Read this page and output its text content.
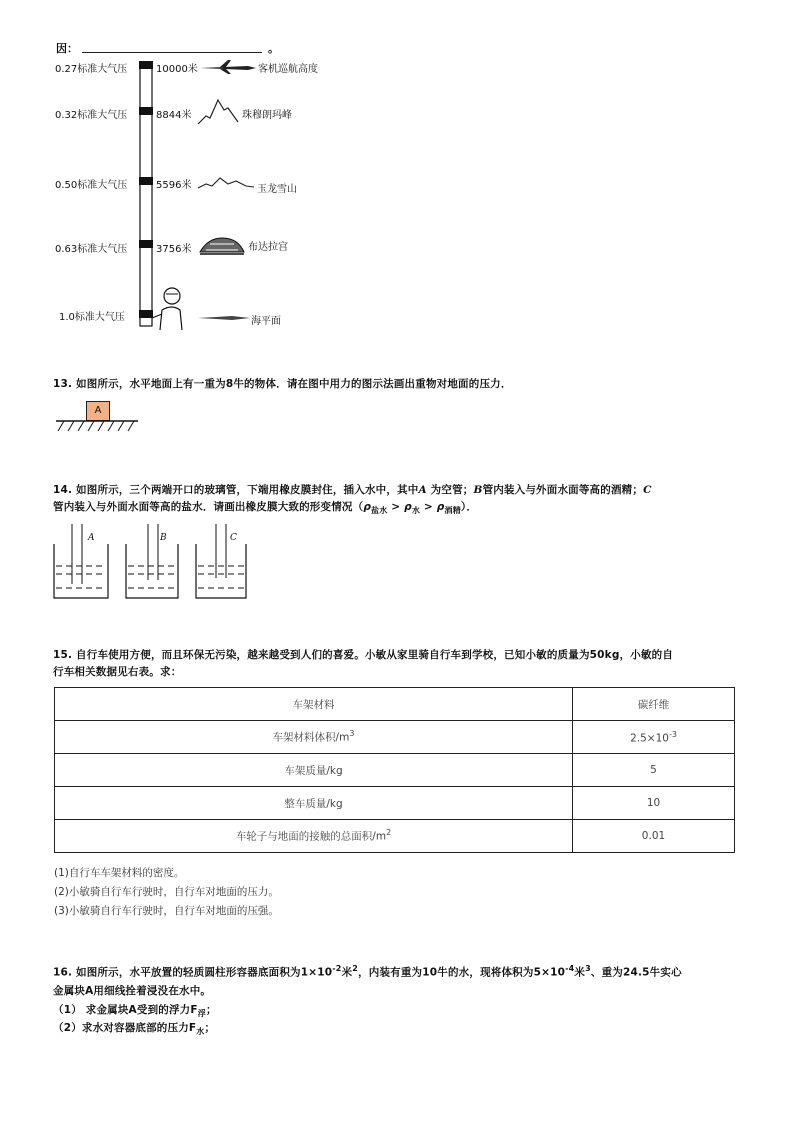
因：	。
0.27标准大气压	10000米	客机巡航高度
0.32标准大气压	8844米	珠穆朗玛峰
0.50标准大气压	5596米	玉龙雪山
0.63标准大气压	3756米	布达拉宫
1.0标准大气压	海平面
13. 如图所示，水平地面上有一重为8牛的物体．请在图中用力的图示法画出重物对地面的压力．
A
14. 如图所示，三个两端开口的玻璃管，下端用橡皮膜封住，插入水中，其中A 为空管；B管内装入与外面水面等高的酒精；C
管内装入与外面水面等高的盐水．请画出橡皮膜大致的形变情况$(\rho_{盐水} > \rho_水 > \rho_{酒精})$．
A	B	C
15. 自行车使用方便，而且环保无污染，越来越受到人们的喜爱。小敏从家里骑自行车到学校，已知小敏的质量为50kg，小敏的自
行车相关数据见右表。求：
车架材料	碳纤维
车架材料体积$/m^3$	$2.5\times 10^{-3}$
车架质量/kg	5
整车质量/kg	10
车轮子与地面的接触的总面积$/m^2$	0.01
(1)自行车车架材料的密度。
(2)小敏骑自行车行驶时，自行车对地面的压力。
(3)小敏骑自行车行驶时，自行车对地面的压强。
16. 如图所示，水平放置的轻质圆柱形容器底面积为$1\times 10^{-2}$米$^2$，内装有重为10牛的水，现将体积为$5\times 10^{-4}$米$^3$、重为24.5牛实心
金属块A用细线拴着浸没在水中。
（1） 求金属块A受到的浮力$F_浮$；
（2）求水对容器底部的压力$F_水$；
